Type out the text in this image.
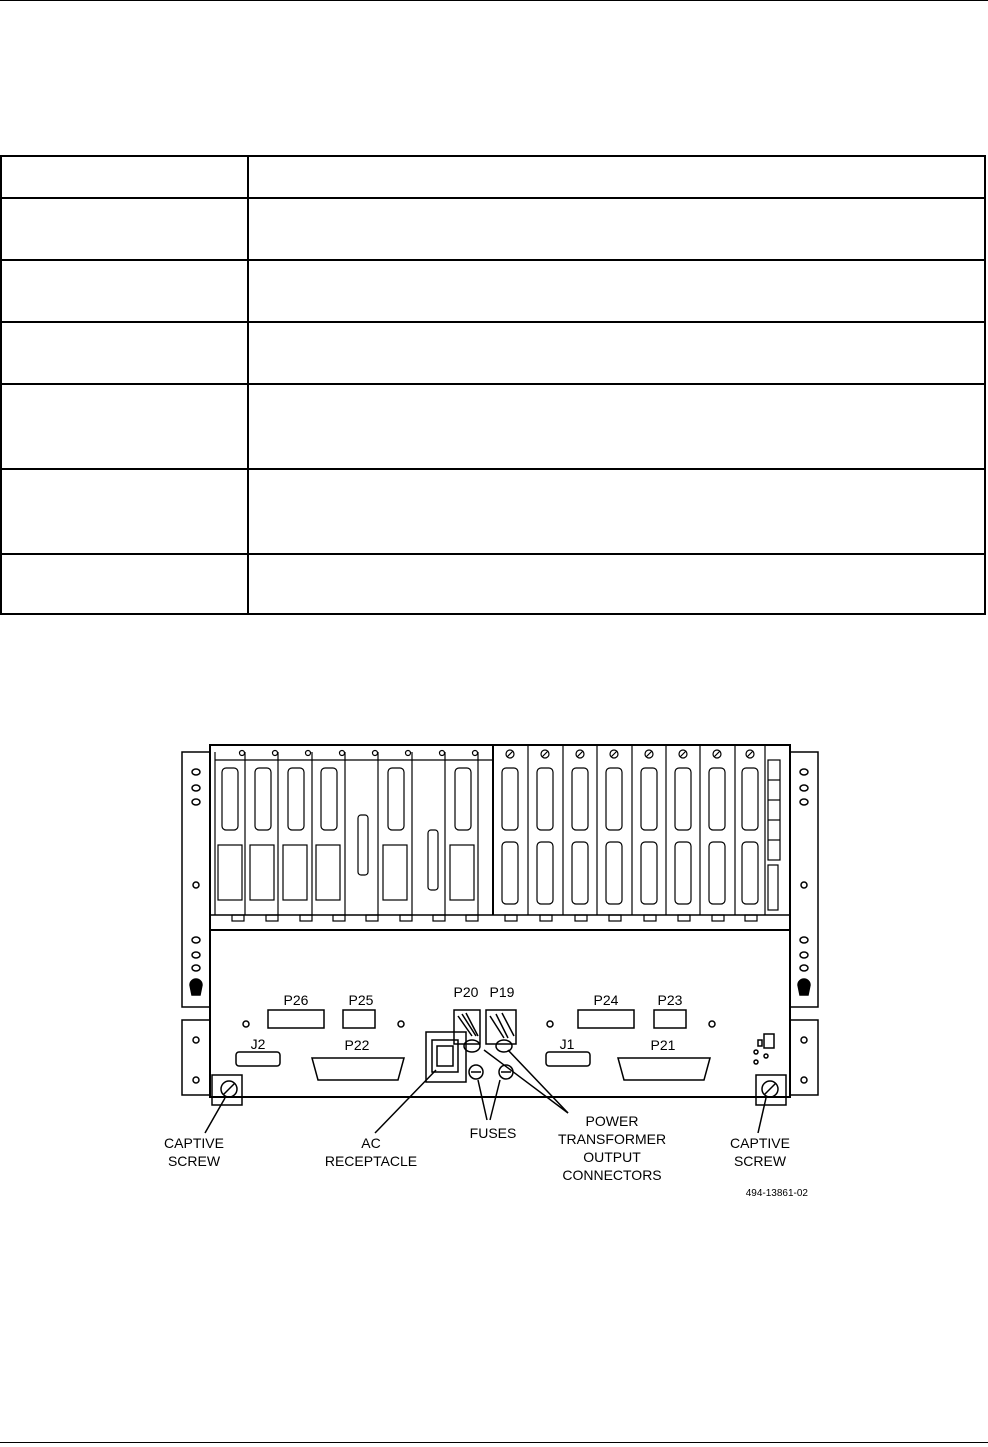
P26	P25	P20 P19	P24	P23
J2	P22	J1	P21
CAPTIVE
SCREW
AC
RECEPTACLE
FUSES
POWER
TRANSFORMER
OUTPUT
CONNECTORS
CAPTIVE
SCREW
494-13861-02
